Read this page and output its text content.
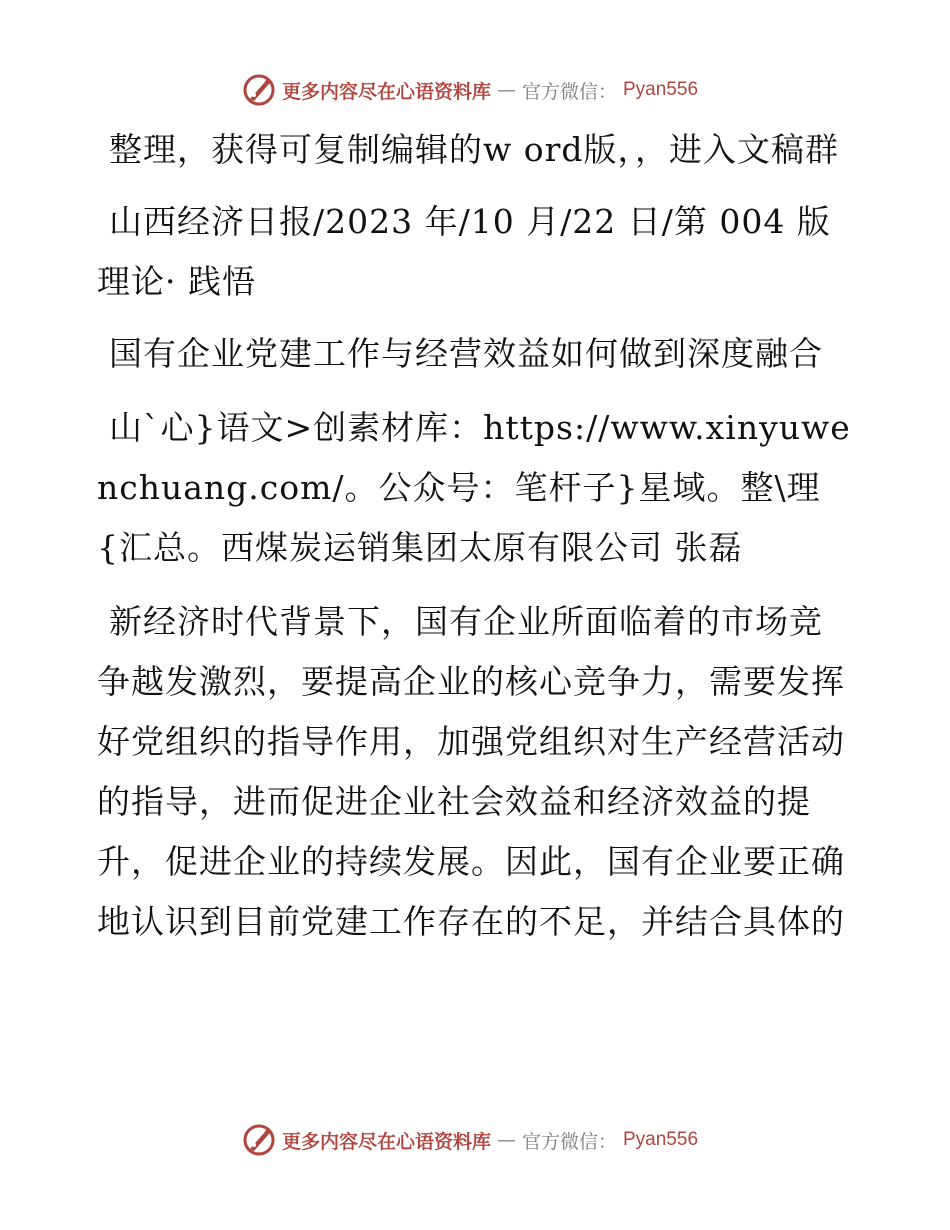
更多内容尽在心语资料库 — 官方微信： Pyan556

整理，获得可复制编辑的w ord版，，进入文稿群

山西经济日报/2023 年/10 月/22 日/第 004 版理论· 践悟

国有企业党建工作与经营效益如何做到深度融合

山`心}语文>创素材库：https://www.xinyuwenchuang.com/。公众号：笔杆子}星域。整\理{汇总。西煤炭运销集团太原有限公司 张磊

新经济时代背景下，国有企业所面临着的市场竞争越发激烈，要提高企业的核心竞争力，需要发挥好党组织的指导作用，加强党组织对生产经营活动的指导，进而促进企业社会效益和经济效益的提升，促进企业的持续发展。因此，国有企业要正确地认识到目前党建工作存在的不足，并结合具体的

更多内容尽在心语资料库 — 官方微信： Pyan556
